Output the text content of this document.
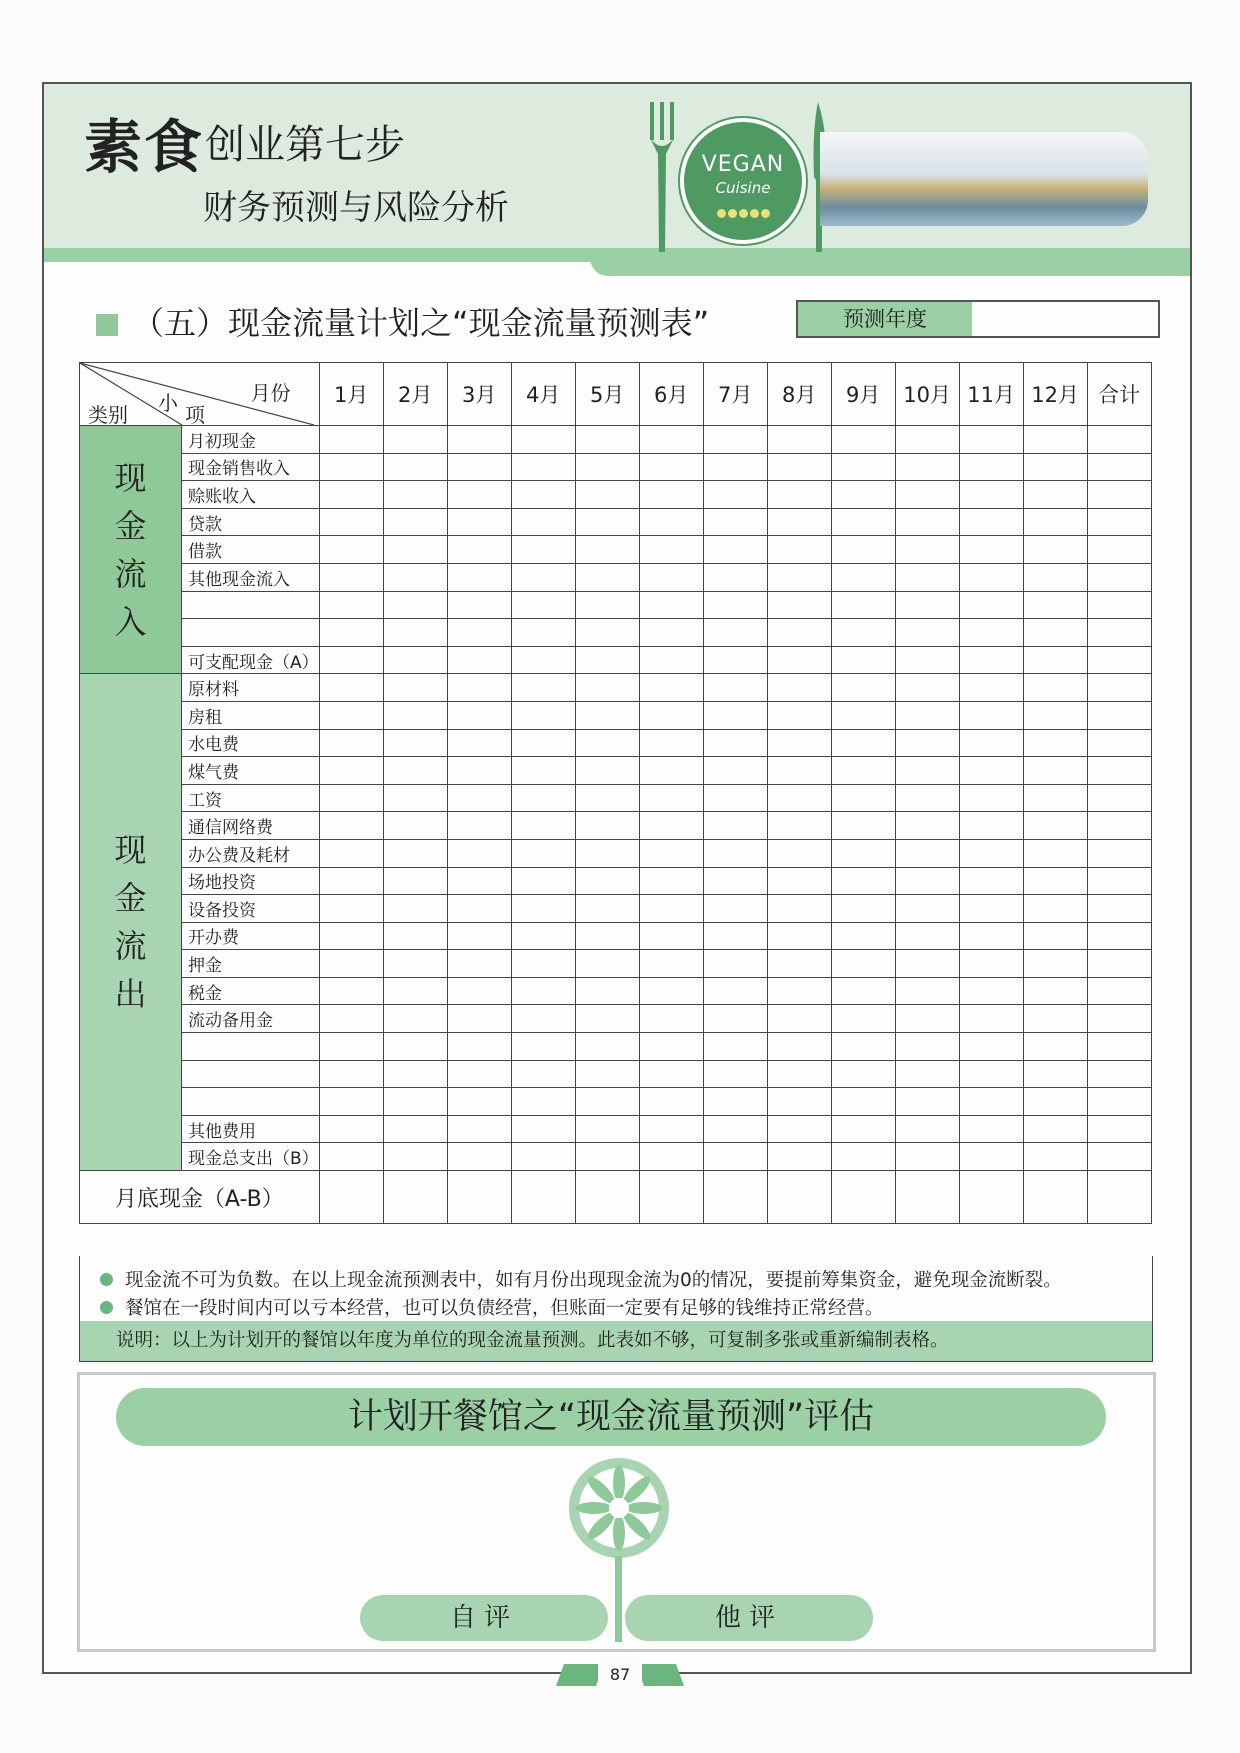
素食 创业第七步
财务预测与风险分析
VEGAN
Cuisine
（五）现金流量计划之“现金流量预测表”	预测年度
月份
小 项
类别		1月	2月	3月	4月	5月	6月	7月	8月	9月	10月	11月	12月	合计
现
金
流
入	月初现金													
	现金销售收入													
	赊账收入													
	贷款													
	借款													
	其他现金流入													

	可支配现金（A）													
现
金
流
出	原材料													
	房租													
	水电费													
	煤气费													
	工资													
	通信网络费													
	办公费及耗材													
	场地投资													
	设备投资													
	开办费													
	押金													
	税金													
	流动备用金													

	其他费用													
	现金总支出（B）													
月底现金（A-B）														
现金流不可为负数。在以上现金流预测表中，如有月份出现现金流为0的情况，要提前筹集资金，避免现金流断裂。
餐馆在一段时间内可以亏本经营，也可以负债经营，但账面一定要有足够的钱维持正常经营。
说明：以上为计划开的餐馆以年度为单位的现金流量预测。此表如不够，可复制多张或重新编制表格。
计划开餐馆之“现金流量预测”评估
自评	他评
87
